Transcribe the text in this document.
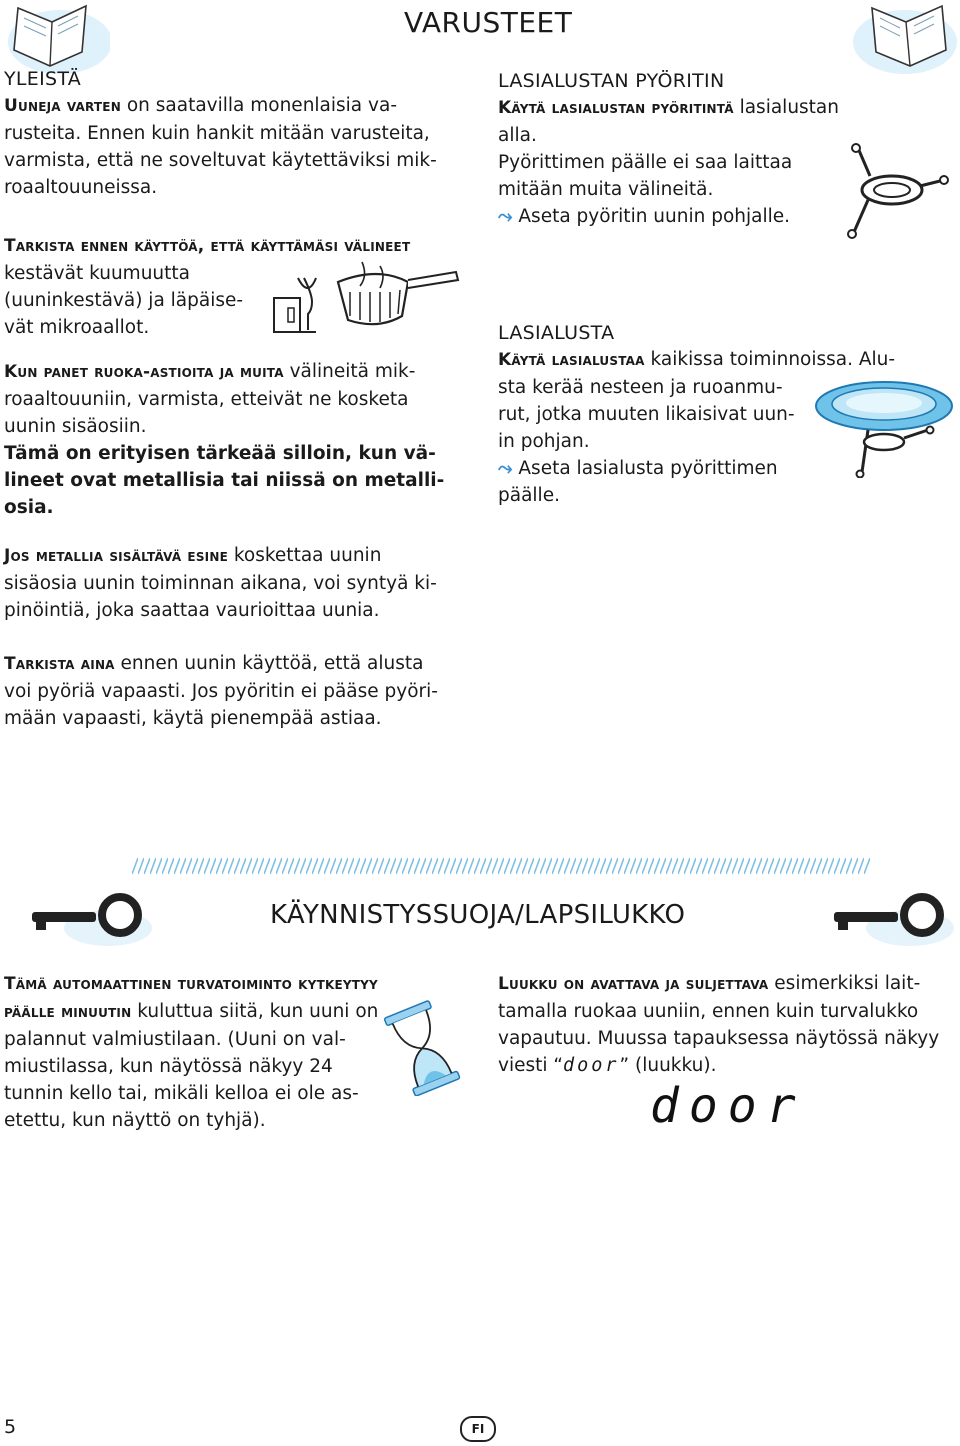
VARUSTEET

YLEISTÄ

Uuneja varten on saatavilla monenlaisia va-
rusteita. Ennen kuin hankit mitään varusteita,
varmista, että ne soveltuvat käytettäviksi mik-
roaaltouuneissa.

Tarkista ennen käyttöä, että käyttämäsi välineet
kestävät kuumuutta
(uuninkestävä) ja läpäise-
vät mikroaallot.

Kun panet ruoka-astioita ja muita välineitä mik-
roaaltouuniin, varmista, etteivät ne kosketa
uunin sisäosiin.

Tämä on erityisen tärkeää silloin, kun vä-
lineet ovat metallisia tai niissä on metalli-
osia.

Jos metallia sisältävä esine koskettaa uunin
sisäosia uunin toiminnan aikana, voi syntyä ki-
pinöintiä, joka saattaa vaurioittaa uunia.

Tarkista aina ennen uunin käyttöä, että alusta
voi pyöriä vapaasti. Jos pyöritin ei pääse pyöri-
mään vapaasti, käytä pienempää astiaa.

LASIALUSTAN PYÖRITIN

Käytä lasialustan pyöritintä lasialustan alla.
Pyörittimen päälle ei saa laittaa
mitään muita välineitä.

⤳ Aseta pyöritin uunin pohjalle.

LASIALUSTA

Käytä lasialustaa kaikissa toiminnoissa. Alu-
sta kerää nesteen ja ruoanmu-
rut, jotka muuten likaisivat uun-
in pohjan.

⤳ Aseta lasialusta pyörittimen
päälle.

KÄYNNISTYSSUOJA/LAPSILUKKO

Tämä automaattinen turvatoiminto kytkeytyy
päälle minuutin kuluttua siitä, kun uuni on
palannut valmiustilaan. (Uuni on val-
miustilassa, kun näytössä näkyy 24
tunnin kello tai, mikäli kelloa ei ole as-
etettu, kun näyttö on tyhjä).

Luukku on avattava ja suljettava esimerkiksi lait-
tamalla ruokaa uuniin, ennen kuin turvalukko
vapautuu. Muussa tapauksessa näytössä näkyy
viesti “door” (luukku).

door
5	FI
